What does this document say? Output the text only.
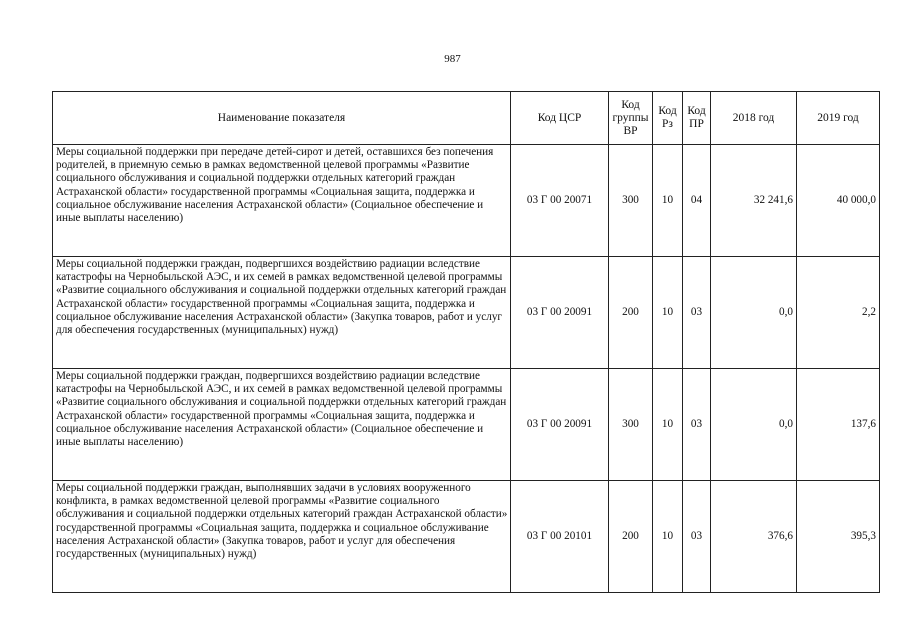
987
Наименование показателя	Код ЦСР	Код группы ВР	Код Рз	Код ПР	2018 год	2019 год
Меры социальной поддержки при передаче детей-сирот и детей, оставшихся без попечения родителей, в приемную семью в рамках ведомственной целевой программы «Развитие социального обслуживания и социальной поддержки отдельных категорий граждан Астраханской области» государственной программы «Социальная защита, поддержка и социальное обслуживание населения Астраханской области» (Социальное обеспечение и иные выплаты населению)	03 Г 00 20071	300	10	04	32 241,6	40 000,0
Меры социальной поддержки граждан, подвергшихся воздействию радиации вследствие катастрофы на Чернобыльской АЭС, и их семей в рамках ведомственной целевой программы «Развитие социального обслуживания и социальной поддержки отдельных категорий граждан Астраханской области» государственной программы «Социальная защита, поддержка и социальное обслуживание населения Астраханской области» (Закупка товаров, работ и услуг для обеспечения государственных (муниципальных) нужд)	03 Г 00 20091	200	10	03	0,0	2,2
Меры социальной поддержки граждан, подвергшихся воздействию радиации вследствие катастрофы на Чернобыльской АЭС, и их семей в рамках ведомственной целевой программы «Развитие социального обслуживания и социальной поддержки отдельных категорий граждан Астраханской области» государственной программы «Социальная защита, поддержка и социальное обслуживание населения Астраханской области» (Социальное обеспечение и иные выплаты населению)	03 Г 00 20091	300	10	03	0,0	137,6
Меры социальной поддержки граждан, выполнявших задачи в условиях вооруженного конфликта, в рамках ведомственной целевой программы «Развитие социального обслуживания и социальной поддержки отдельных категорий граждан Астраханской области» государственной программы «Социальная защита, поддержка и социальное обслуживание населения Астраханской области» (Закупка товаров, работ и услуг для обеспечения государственных (муниципальных) нужд)	03 Г 00 20101	200	10	03	376,6	395,3
